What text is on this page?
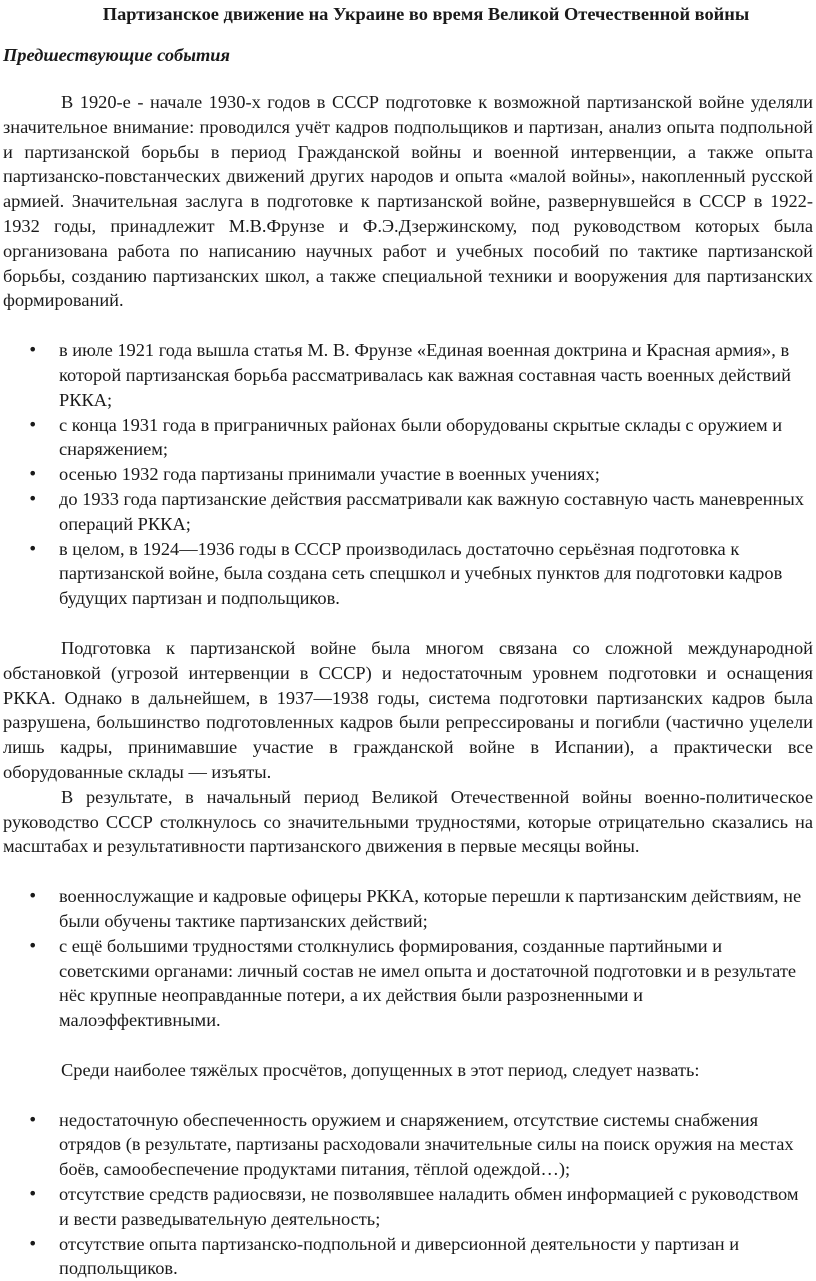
Партизанское движение на Украине во время Великой Отечественной войны
Предшествующие события

В 1920-е - начале 1930-х годов в СССР подготовке к возможной партизанской войне уделяли значительное внимание: проводился учёт кадров подпольщиков и партизан, анализ опыта подпольной и партизанской борьбы в период Гражданской войны и военной интервенции, а также опыта партизанско-повстанческих движений других народов и опыта «малой войны», накопленный русской армией. Значительная заслуга в подготовке к партизанской войне, развернувшейся в СССР в 1922-1932 годы, принадлежит М.В.Фрунзе и Ф.Э.Дзержинскому, под руководством которых была организована работа по написанию научных работ и учебных пособий по тактике партизанской борьбы, созданию партизанских школ, а также специальной техники и вооружения для партизанских формирований.

• в июле 1921 года вышла статья М. В. Фрунзе «Единая военная доктрина и Красная армия», в которой партизанская борьба рассматривалась как важная составная часть военных действий РККА;
• с конца 1931 года в приграничных районах были оборудованы скрытые склады с оружием и снаряжением;
• осенью 1932 года партизаны принимали участие в военных учениях;
• до 1933 года партизанские действия рассматривали как важную составную часть маневренных операций РККА;
• в целом, в 1924—1936 годы в СССР производилась достаточно серьёзная подготовка к партизанской войне, была создана сеть спецшкол и учебных пунктов для подготовки кадров будущих партизан и подпольщиков.

Подготовка к партизанской войне была многом связана со сложной международной обстановкой (угрозой интервенции в СССР) и недостаточным уровнем подготовки и оснащения РККА. Однако в дальнейшем, в 1937—1938 годы, система подготовки партизанских кадров была разрушена, большинство подготовленных кадров были репрессированы и погибли (частично уцелели лишь кадры, принимавшие участие в гражданской войне в Испании), а практически все оборудованные склады — изъяты.

В результате, в начальный период Великой Отечественной войны военно-политическое руководство СССР столкнулось со значительными трудностями, которые отрицательно сказались на масштабах и результативности партизанского движения в первые месяцы войны.

• военнослужащие и кадровые офицеры РККА, которые перешли к партизанским действиям, не были обучены тактике партизанских действий;
• с ещё большими трудностями столкнулись формирования, созданные партийными и советскими органами: личный состав не имел опыта и достаточной подготовки и в результате нёс крупные неоправданные потери, а их действия были разрозненными и малоэффективными.

Среди наиболее тяжёлых просчётов, допущенных в этот период, следует назвать:

• недостаточную обеспеченность оружием и снаряжением, отсутствие системы снабжения отрядов (в результате, партизаны расходовали значительные силы на поиск оружия на местах боёв, самообеспечение продуктами питания, тёплой одеждой…);
• отсутствие средств радиосвязи, не позволявшее наладить обмен информацией с руководством и вести разведывательную деятельность;
• отсутствие опыта партизанско-подпольной и диверсионной деятельности у партизан и подпольщиков.
